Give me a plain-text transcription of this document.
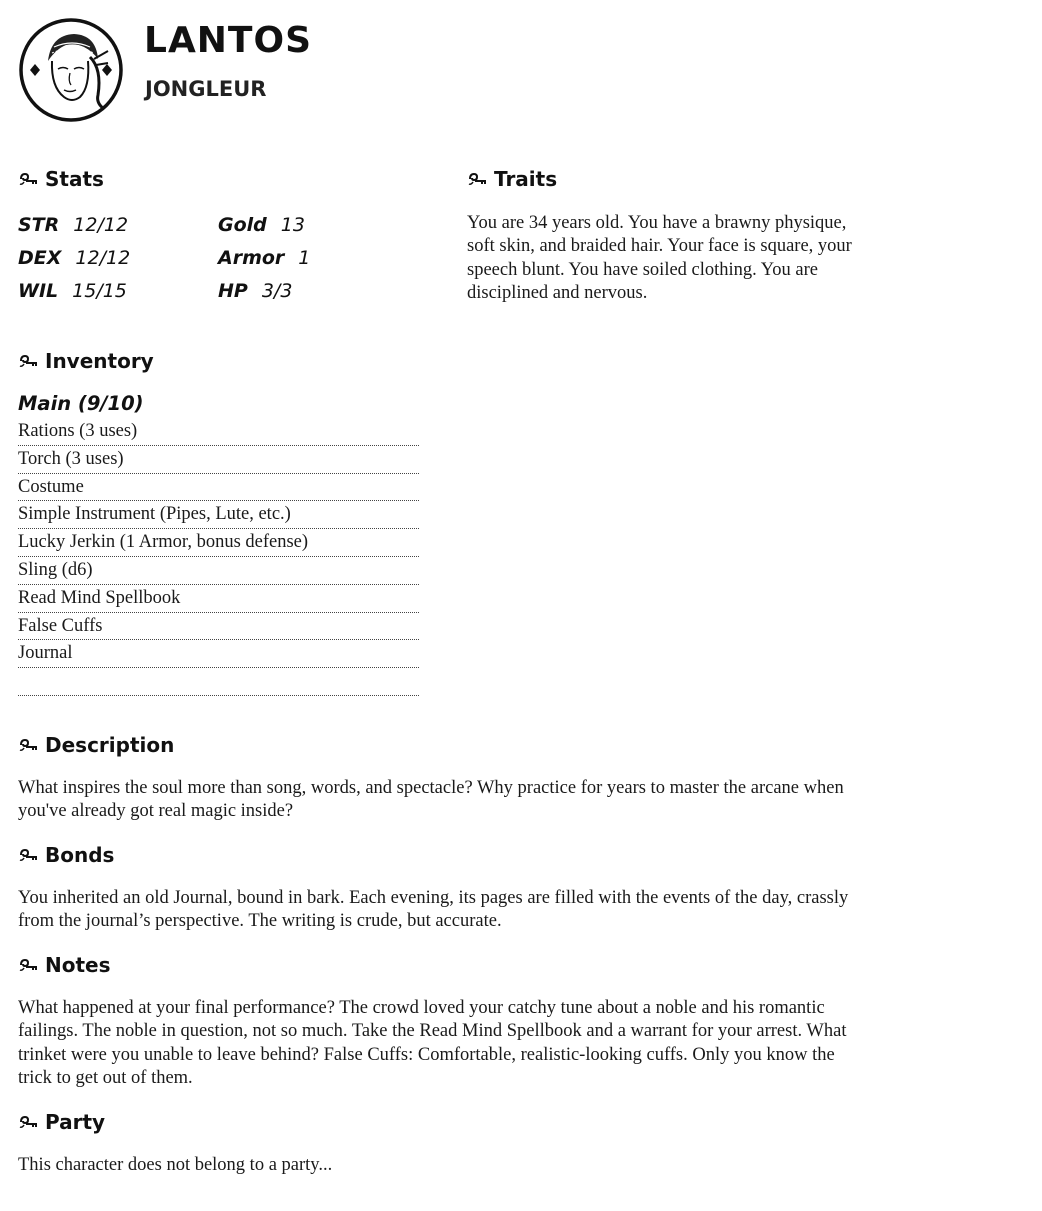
LANTOS
JONGLEUR
Stats
STR 12/12
DEX 12/12
WIL 15/15
Gold 13
Armor 1
HP 3/3
Traits
You are 34 years old. You have a brawny physique, soft skin, and braided hair. Your face is square, your speech blunt. You have soiled clothing. You are disciplined and nervous.
Inventory
Main (9/10)
Rations (3 uses)
Torch (3 uses)
Costume
Simple Instrument (Pipes, Lute, etc.)
Lucky Jerkin (1 Armor, bonus defense)
Sling (d6)
Read Mind Spellbook
False Cuffs
Journal
Description
What inspires the soul more than song, words, and spectacle? Why practice for years to master the arcane when you've already got real magic inside?
Bonds
You inherited an old Journal, bound in bark. Each evening, its pages are filled with the events of the day, crassly from the journal’s perspective. The writing is crude, but accurate.
Notes
What happened at your final performance? The crowd loved your catchy tune about a noble and his romantic failings. The noble in question, not so much. Take the Read Mind Spellbook and a warrant for your arrest. What trinket were you unable to leave behind? False Cuffs: Comfortable, realistic-looking cuffs. Only you know the trick to get out of them.
Party
This character does not belong to a party...
